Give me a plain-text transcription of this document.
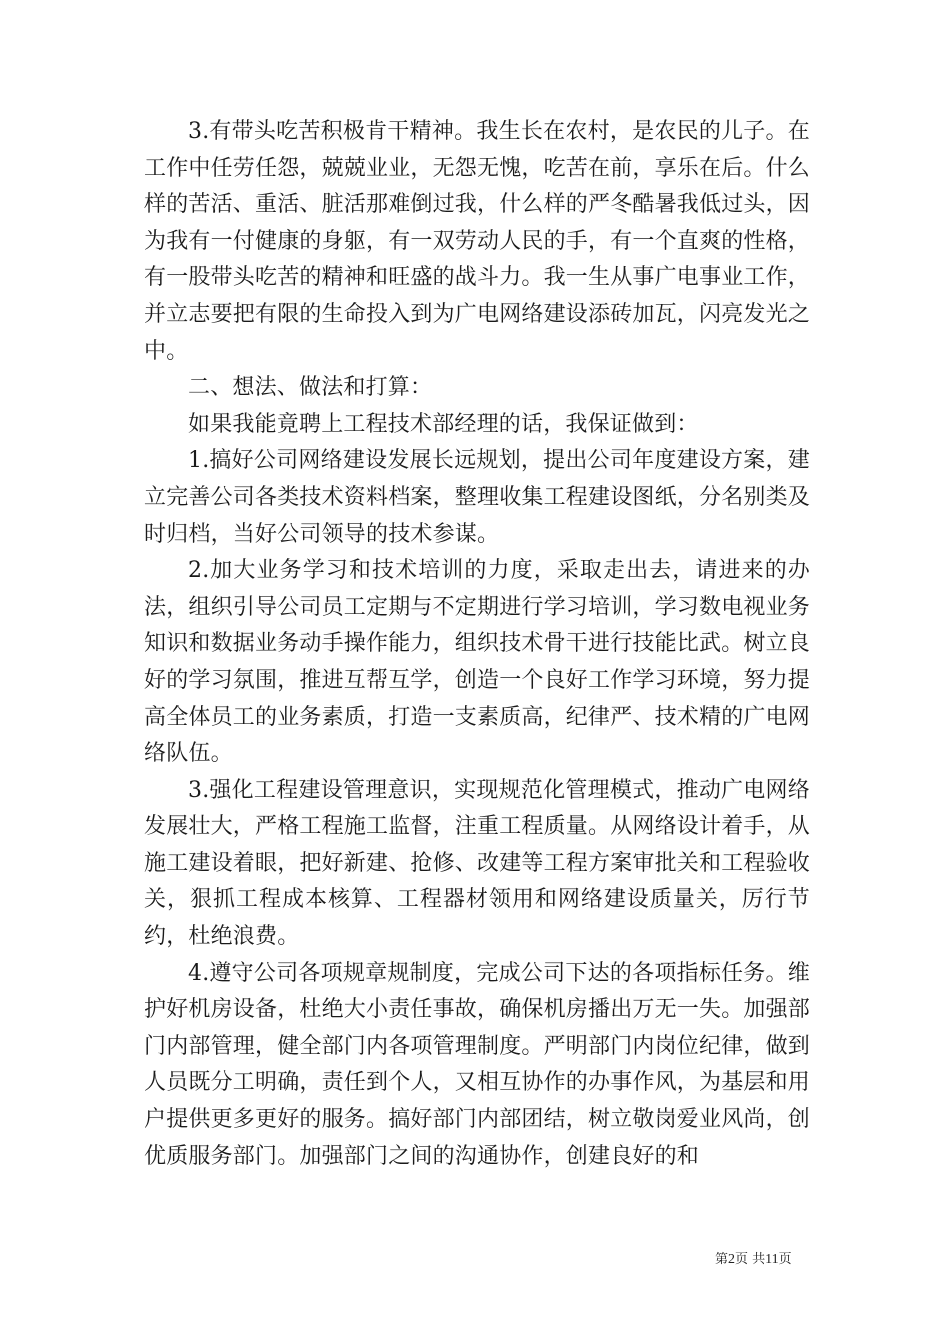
3.有带头吃苦积极肯干精神。我生长在农村，是农民的儿子。在工作中任劳任怨，兢兢业业，无怨无愧，吃苦在前，享乐在后。什么样的苦活、重活、脏活那难倒过我，什么样的严冬酷暑我低过头，因为我有一付健康的身躯，有一双劳动人民的手，有一个直爽的性格，有一股带头吃苦的精神和旺盛的战斗力。我一生从事广电事业工作，并立志要把有限的生命投入到为广电网络建设添砖加瓦，闪亮发光之中。

二、想法、做法和打算：

如果我能竟聘上工程技术部经理的话，我保证做到：

1.搞好公司网络建设发展长远规划，提出公司年度建设方案，建立完善公司各类技术资料档案，整理收集工程建设图纸，分名别类及时归档，当好公司领导的技术参谋。

2.加大业务学习和技术培训的力度，采取走出去，请进来的办法，组织引导公司员工定期与不定期进行学习培训，学习数电视业务知识和数据业务动手操作能力，组织技术骨干进行技能比武。树立良好的学习氛围，推进互帮互学，创造一个良好工作学习环境，努力提高全体员工的业务素质，打造一支素质高，纪律严、技术精的广电网络队伍。

3.强化工程建设管理意识，实现规范化管理模式，推动广电网络发展壮大，严格工程施工监督，注重工程质量。从网络设计着手，从施工建设着眼，把好新建、抢修、改建等工程方案审批关和工程验收关，狠抓工程成本核算、工程器材领用和网络建设质量关，厉行节约，杜绝浪费。

4.遵守公司各项规章规制度，完成公司下达的各项指标任务。维护好机房设备，杜绝大小责任事故，确保机房播出万无一失。加强部门内部管理，健全部门内各项管理制度。严明部门内岗位纪律，做到人员既分工明确，责任到个人，又相互协作的办事作风，为基层和用户提供更多更好的服务。搞好部门内部团结，树立敬岗爱业风尚，创优质服务部门。加强部门之间的沟通协作，创建良好的和

第2页 共11页
